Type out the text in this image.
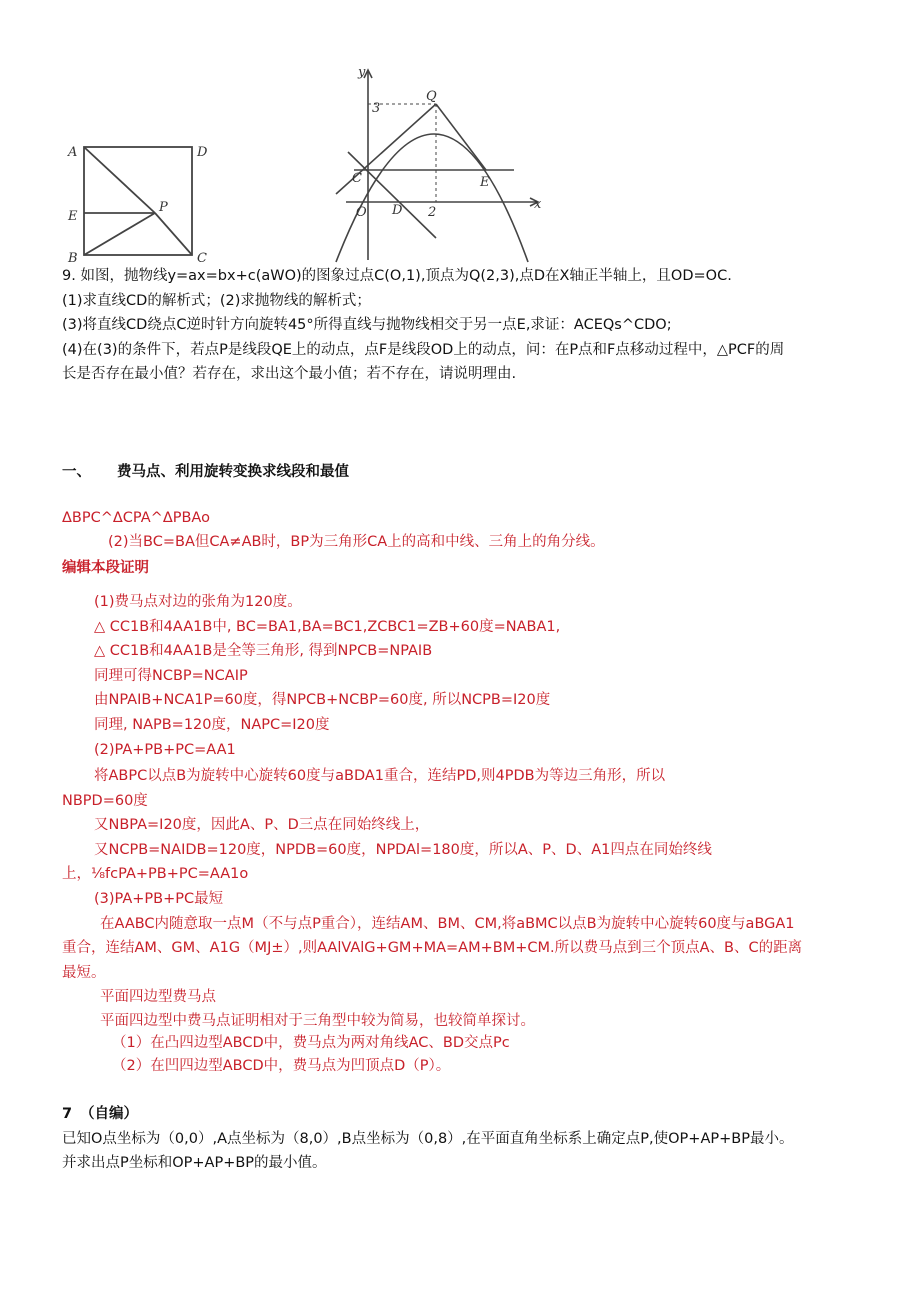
A	D
E
P
B	C
y
x
Q
C	E
O D 2
3
9. 如图，抛物线y=ax=bx+c(aWO)的图象过点C(O,1),顶点为Q(2,3),点D在X轴正半轴上，且OD=OC.
(1)求直线CD的解析式；(2)求抛物线的解析式；
(3)将直线CD绕点C逆时针方向旋转45°所得直线与抛物线相交于另一点E,求证：ACEQs^CDO;
(4)在(3)的条件下，若点P是线段QE上的动点，点F是线段OD上的动点，问：在P点和F点移动过程中，△PCF的周
长是否存在最小值？若存在，求出这个最小值；若不存在，请说明理由.
一、 费马点、利用旋转变换求线段和最值
ΔBPC^ΔCPA^ΔPBAo
(2)当BC=BA但CA≠AB时，BP为三角形CA上的高和中线、三角上的角分线。
编辑本段证明
(1)费马点对边的张角为120度。
△ CC1B和4AA1B中, BC=BA1,BA=BC1,ZCBC1=ZB+60度=NABA1,
△ CC1B和4AA1B是全等三角形, 得到NPCB=NPAIB
同理可得NCBP=NCAIP
由NPAIB+NCA1P=60度，得NPCB+NCBP=60度, 所以NCPB=I20度
同理, NAPB=120度，NAPC=I20度
(2)PA+PB+PC=AA1
将ABPC以点B为旋转中心旋转60度与aBDA1重合，连结PD,则4PDB为等边三角形，所以
NBPD=60度
又NBPA=I20度，因此A、P、D三点在同始终线上，
又NCPB=NAIDB=120度，NPDB=60度，NPDAl=180度，所以A、P、D、A1四点在同始终线
上，⅛fcPA+PB+PC=AA1o
(3)PA+PB+PC最短
在AABC内随意取一点M（不与点P重合），连结AM、BM、CM,将aBMC以点B为旋转中心旋转60度与aBGA1
重合，连结AM、GM、A1G（MJ±）,则AAlVAlG+GM+MA=AM+BM+CM.所以费马点到三个顶点A、B、C的距离
最短。
平面四边型费马点
平面四边型中费马点证明相对于三角型中较为简易，也较简单探讨。
（1）在凸四边型ABCD中，费马点为两对角线AC、BD交点Pc
（2）在凹四边型ABCD中，费马点为凹顶点D（P）。
7 （自编）
已知O点坐标为（0,0）,A点坐标为（8,0）,B点坐标为（0,8）,在平面直角坐标系上确定点P,使OP+AP+BP最小。
并求出点P坐标和OP+AP+BP的最小值。
